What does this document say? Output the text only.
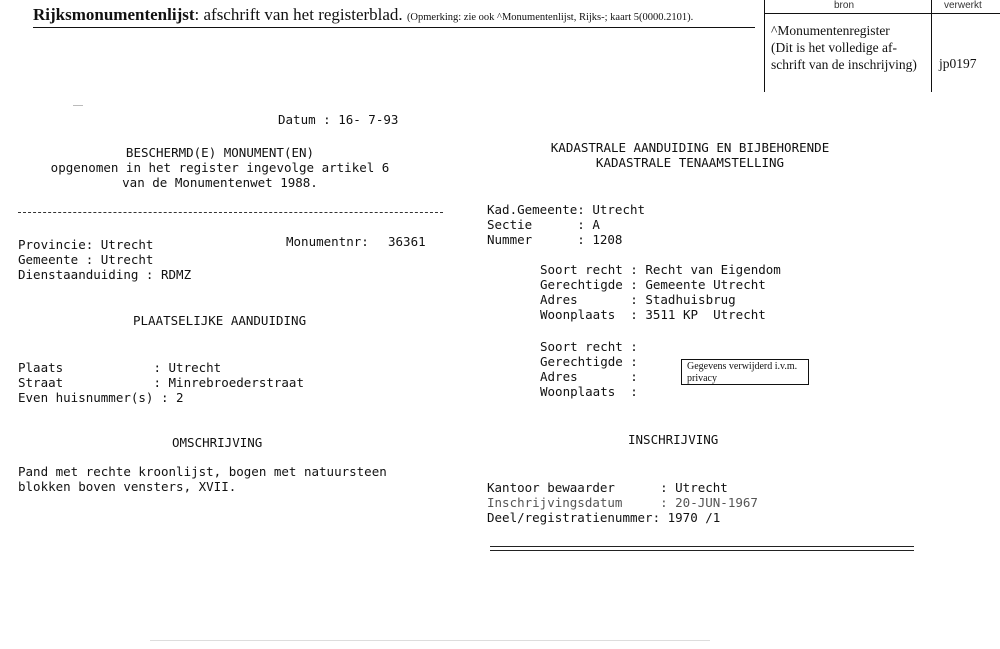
Rijksmonumentenlijst: afschrift van het registerblad. (Opmerking: zie ook ^Monumentenlijst, Rijks-; kaart 5(0000.2101).
bron	verwerkt
^Monumentenregister
(Dit is het volledige af-
schrift van de inschrijving) jp0197
Datum : 16- 7-93
BESCHERMD(E) MONUMENT(EN)
opgenomen in het register ingevolge artikel 6
van de Monumentenwet 1988.
Provincie: Utrecht
Gemeente : Utrecht
Dienstaanduiding : RDMZ
Monumentnr: 36361
PLAATSELIJKE AANDUIDING
Plaats            : Utrecht
Straat            : Minrebroederstraat
Even huisnummer(s) : 2
OMSCHRIJVING
Pand met rechte kroonlijst, bogen met natuursteen
blokken boven vensters, XVII.
KADASTRALE AANDUIDING EN BIJBEHORENDE
KADASTRALE TENAAMSTELLING
Kad.Gemeente: Utrecht
Sectie      : A
Nummer      : 1208
Soort recht : Recht van Eigendom
Gerechtigde : Gemeente Utrecht
Adres       : Stadhuisbrug
Woonplaats  : 3511 KP  Utrecht
Soort recht :
Gerechtigde :
Adres       :
Woonplaats  :
Gegevens verwijderd i.v.m. privacy
INSCHRIJVING
Kantoor bewaarder      : Utrecht
Inschrijvingsdatum     : 20-JUN-1967
Deel/registratienummer: 1970 /1
